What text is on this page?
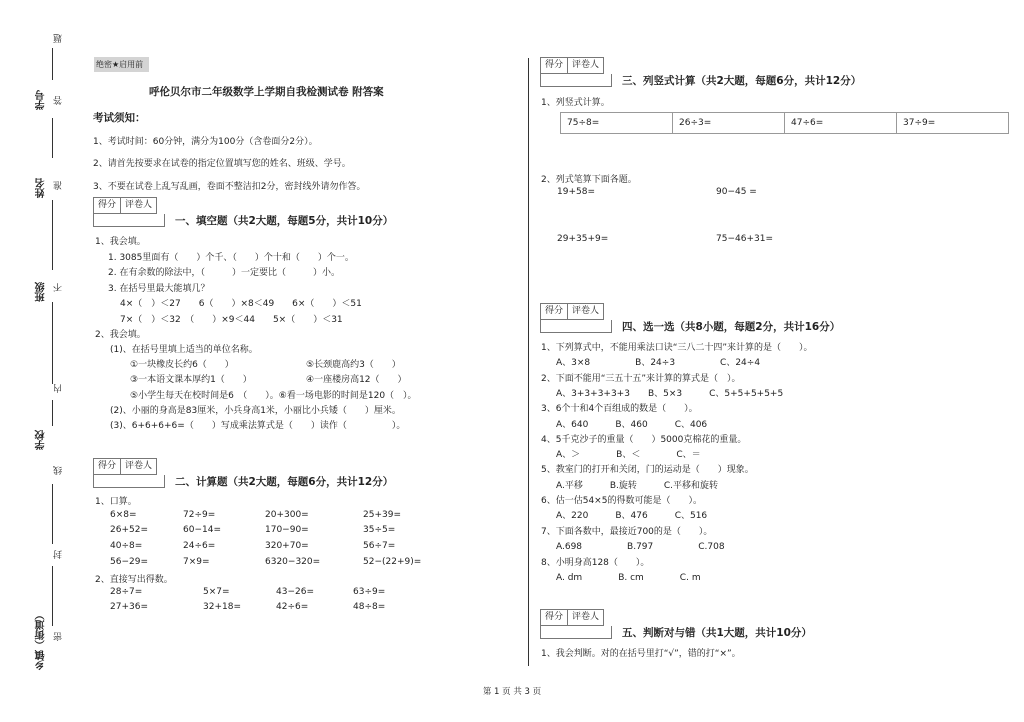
题
学号 答
姓名 准
班级 不
内
学校
线
封
乡镇（街道） 密
绝密★启用前
呼伦贝尔市二年级数学上学期自我检测试卷 附答案
考试须知：
1、考试时间：60分钟，满分为100分（含卷面分2分）。
2、请首先按要求在试卷的指定位置填写您的姓名、班级、学号。
3、不要在试卷上乱写乱画，卷面不整洁扣2分，密封线外请勿作答。
得分	评卷人
一、填空题（共2大题，每题5分，共计10分）
1、我会填。
1. 3085里面有（　　）个千、（　　）个十和（　　）个一。
2. 在有余数的除法中，（　　　）一定要比（　　　）小。
3. 在括号里最大能填几？
4×（　）＜27　　6（　　）×8＜49　　6×（　　）＜51
7×（　）＜32　（　　）×9＜44　　5×（　　）＜31
2、我会填。
(1)、在括号里填上适当的单位名称。
①一块橡皮长约6（　　）	⑤长颈鹿高约3（　　）
③一本语文课本厚约1（　　）	④一座楼房高12（　　）
⑤小学生每天在校时间是6　（　　）。⑥看一场电影的时间是120（　）。
(2)、小丽的身高是83厘米，小兵身高1米，小丽比小兵矮（　　）厘米。
(3)、6+6+6+6=（　　）写成乘法算式是（　　）读作（　　　　　）。
得分	评卷人
二、计算题（共2大题，每题6分，共计12分）
1、口算。
6×8=	72÷9=	20+300=	25+39=
26+52=	60−14=	170−90=	35÷5=
40÷8=	24÷6=	320+70=	56÷7=
56−29=	7×9=	6320−320=	52−(22+9)=
2、直接写出得数。
28÷7=	5×7=	43−26=	63÷9=
27+36=	32+18=	42÷6=	48÷8=
得分	评卷人
三、列竖式计算（共2大题，每题6分，共计12分）
1、列竖式计算。
75÷8=	26÷3=	47÷6=	37÷9=
2、列式笔算下面各题。
19+58=	90−45 =
29+35+9=	75−46+31=
得分	评卷人
四、选一选（共8小题，每题2分，共计16分）
1、下列算式中，不能用乘法口诀“三八二十四”来计算的是（　　）。
A、3×8　　　　　B、24÷3　　　　　C、24÷4
2、下面不能用“三五十五”来计算的算式是（　）。
A、3+3+3+3+3　　B、5×3　　　C、5+5+5+5+5
3、6个十和4个百组成的数是（　　）。
A、640　　　B、460　　　C、406
4、5千克沙子的重量（　　）5000克棉花的重量。
A、＞　　　　B、＜　　　　C、＝
5、教室门的打开和关闭，门的运动是（　　）现象。
A.平移　　　B.旋转　　　C.平移和旋转
6、估一估54×5的得数可能是（　　）。
A、220　　　B、476　　　C、516
7、下面各数中，最接近700的是（　　）。
A.698　　　　　B.797　　　　　C.708
8、小明身高128（　　）。
A. dm　　　　B. cm　　　　C. m
得分	评卷人
五、判断对与错（共1大题，共计10分）
1、我会判断。对的在括号里打“√”，错的打“×”。
第 1 页 共 3 页
